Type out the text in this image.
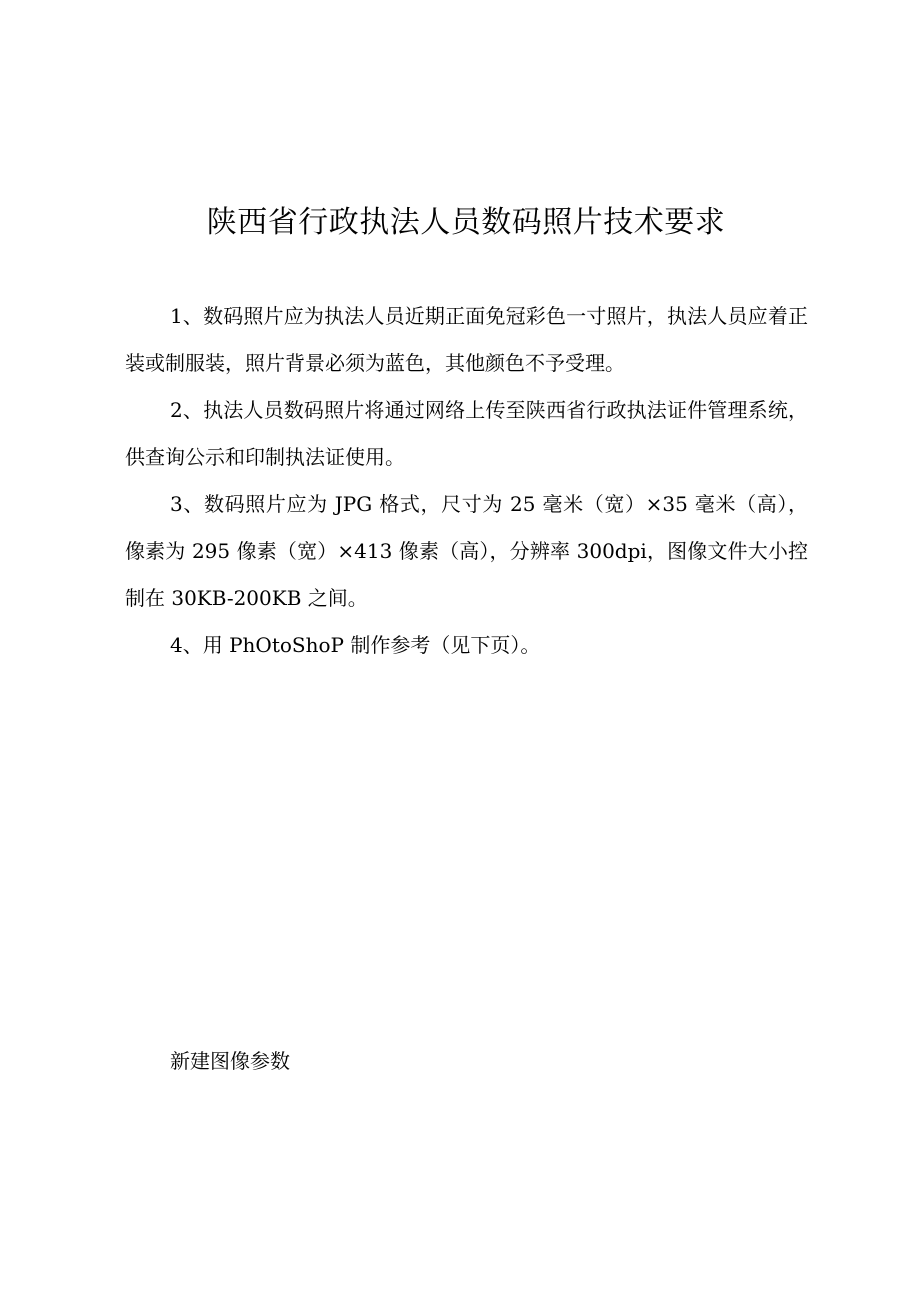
陕西省行政执法人员数码照片技术要求

1、数码照片应为执法人员近期正面免冠彩色一寸照片，执法人员应着正装或制服装，照片背景必须为蓝色，其他颜色不予受理。

2、执法人员数码照片将通过网络上传至陕西省行政执法证件管理系统，供查询公示和印制执法证使用。

3、数码照片应为 JPG 格式，尺寸为 25 毫米（宽）×35 毫米（高），像素为 295 像素（宽）×413 像素（高），分辨率 300dpi，图像文件大小控制在 30KB-200KB 之间。

4、用 PhOtoShoP 制作参考（见下页）。

新建图像参数
